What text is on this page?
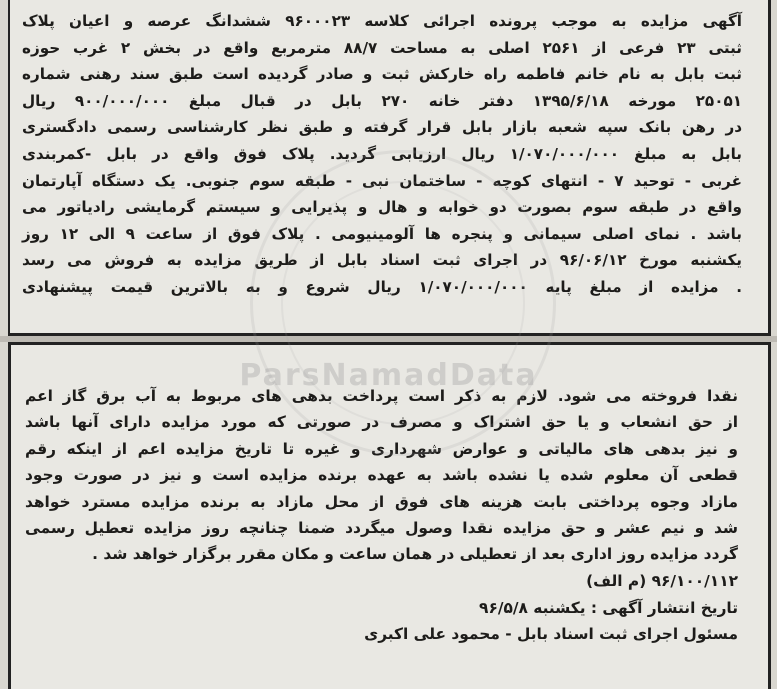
آگهی مزایده به موجب پرونده اجرائی کلاسه ۹۶۰۰۰۲۳ ششدانگ عرصه و اعیان پلاک

ثبتی ۲۳ فرعی از ۲۵۶۱ اصلی به مساحت ۸۸/۷ مترمربع واقع در بخش ۲ غرب حوزه

ثبت بابل به نام خانم فاطمه راه خارکش ثبت و صادر گردیده است طبق سند رهنی شماره

۲۵۰۵۱ مورخه ۱۳۹۵/۶/۱۸ دفتر خانه ۲۷۰ بابل در قبال مبلغ ۹۰۰/۰۰۰/۰۰۰ ریال

در رهن بانک سپه شعبه بازار بابل قرار گرفته و طبق نظر کارشناسی رسمی دادگستری

بابل به مبلغ ۱/۰۷۰/۰۰۰/۰۰۰ ریال ارزیابی گردید. پلاک فوق واقع در بابل -کمربندی

غربی - توحید ۷ - انتهای کوچه - ساختمان نبی - طبقه سوم جنوبی. یک دستگاه آپارتمان

واقع در طبقه سوم بصورت دو خوابه و هال و پذیرایی و سیستم گرمایشی رادیاتور می

باشد . نمای اصلی سیمانی و پنجره ها آلومینیومی . پلاک فوق از ساعت ۹ الی ۱۲ روز

یکشنبه مورخ ۹۶/۰۶/۱۲ در اجرای ثبت اسناد بابل از طریق مزایده به فروش می رسد

. مزایده از مبلغ پایه ۱/۰۷۰/۰۰۰/۰۰۰ ریال شروع و به بالاترین قیمت پیشنهادی

نقدا فروخته می شود. لازم به ذکر است پرداخت بدهی های مربوط به آب برق گاز اعم

از حق انشعاب و یا حق اشتراک و مصرف در صورتی که مورد مزایده دارای آنها باشد

و نیز بدهی های مالیاتی و عوارض شهرداری و غیره تا تاریخ مزایده اعم از اینکه رقم

قطعی آن معلوم شده یا نشده باشد به عهده برنده مزایده است و نیز در صورت وجود

مازاد وجوه پرداختی بابت هزینه های فوق از محل مازاد به برنده مزایده مسترد خواهد

شد و نیم عشر و حق مزایده نقدا وصول میگردد ضمنا چنانچه روز مزایده تعطیل رسمی

گردد مزایده روز اداری بعد از تعطیلی در همان ساعت و مکان مقرر برگزار خواهد شد .

۹۶/۱۰۰/۱۱۲ (م الف)

تاریخ انتشار آگهی : یکشنبه ۹۶/۵/۸

مسئول اجرای ثبت اسناد بابل - محمود علی اکبری

ParsNamadData
